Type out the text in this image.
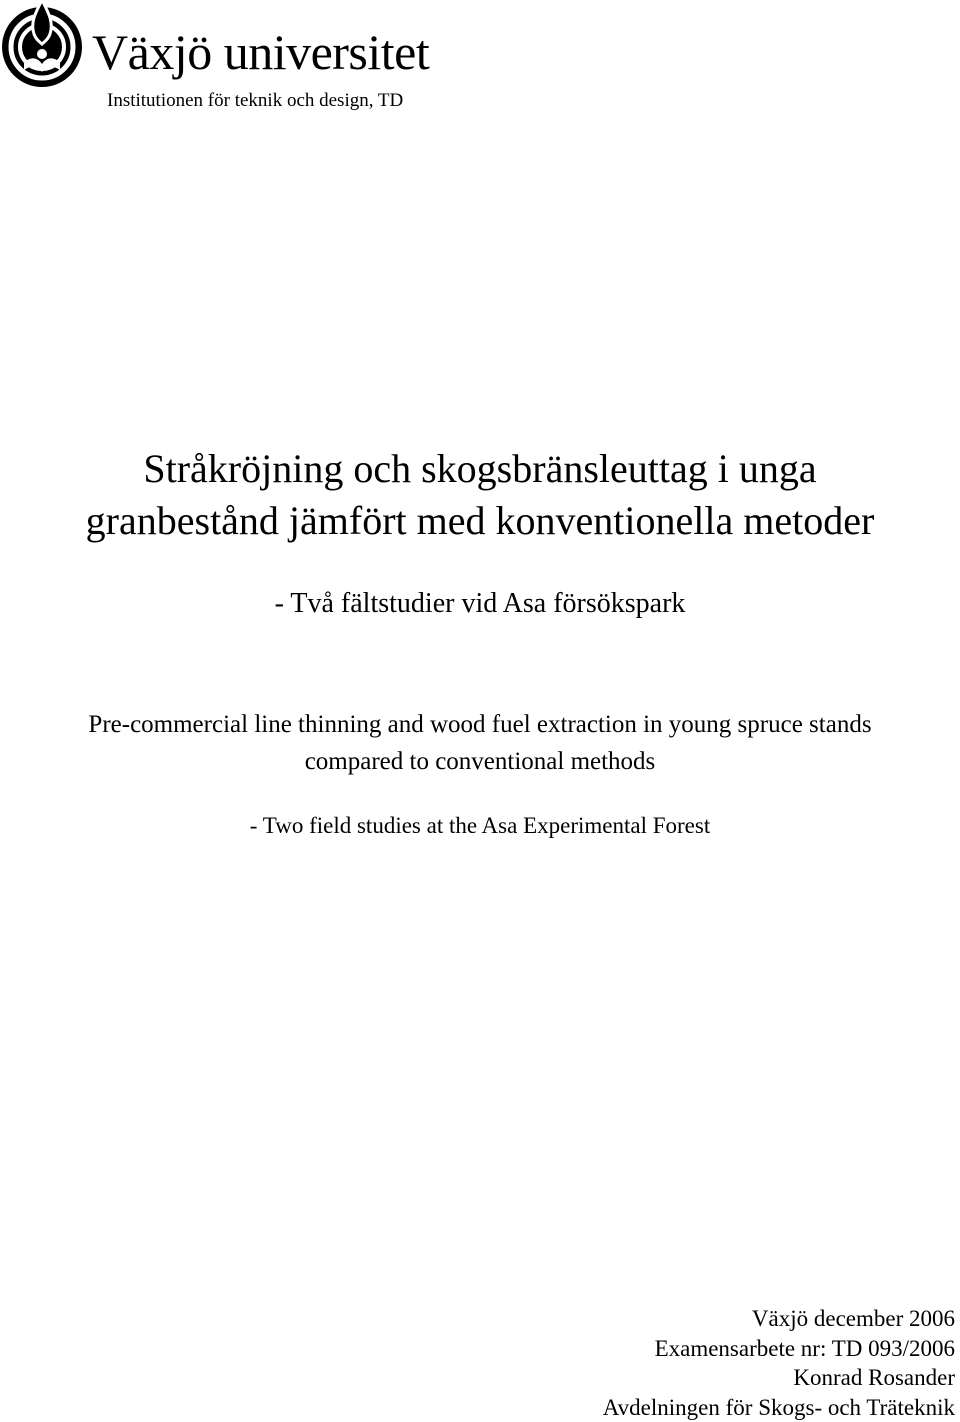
Växjö universitet
Institutionen för teknik och design, TD
Stråkröjning och skogsbränsleuttag i unga
granbestånd jämfört med konventionella metoder
- Två fältstudier vid Asa försökspark
Pre-commercial line thinning and wood fuel extraction in young spruce stands
compared to conventional methods
- Two field studies at the Asa Experimental Forest
Växjö december 2006
Examensarbete nr: TD 093/2006
Konrad Rosander
Avdelningen för Skogs- och Träteknik
